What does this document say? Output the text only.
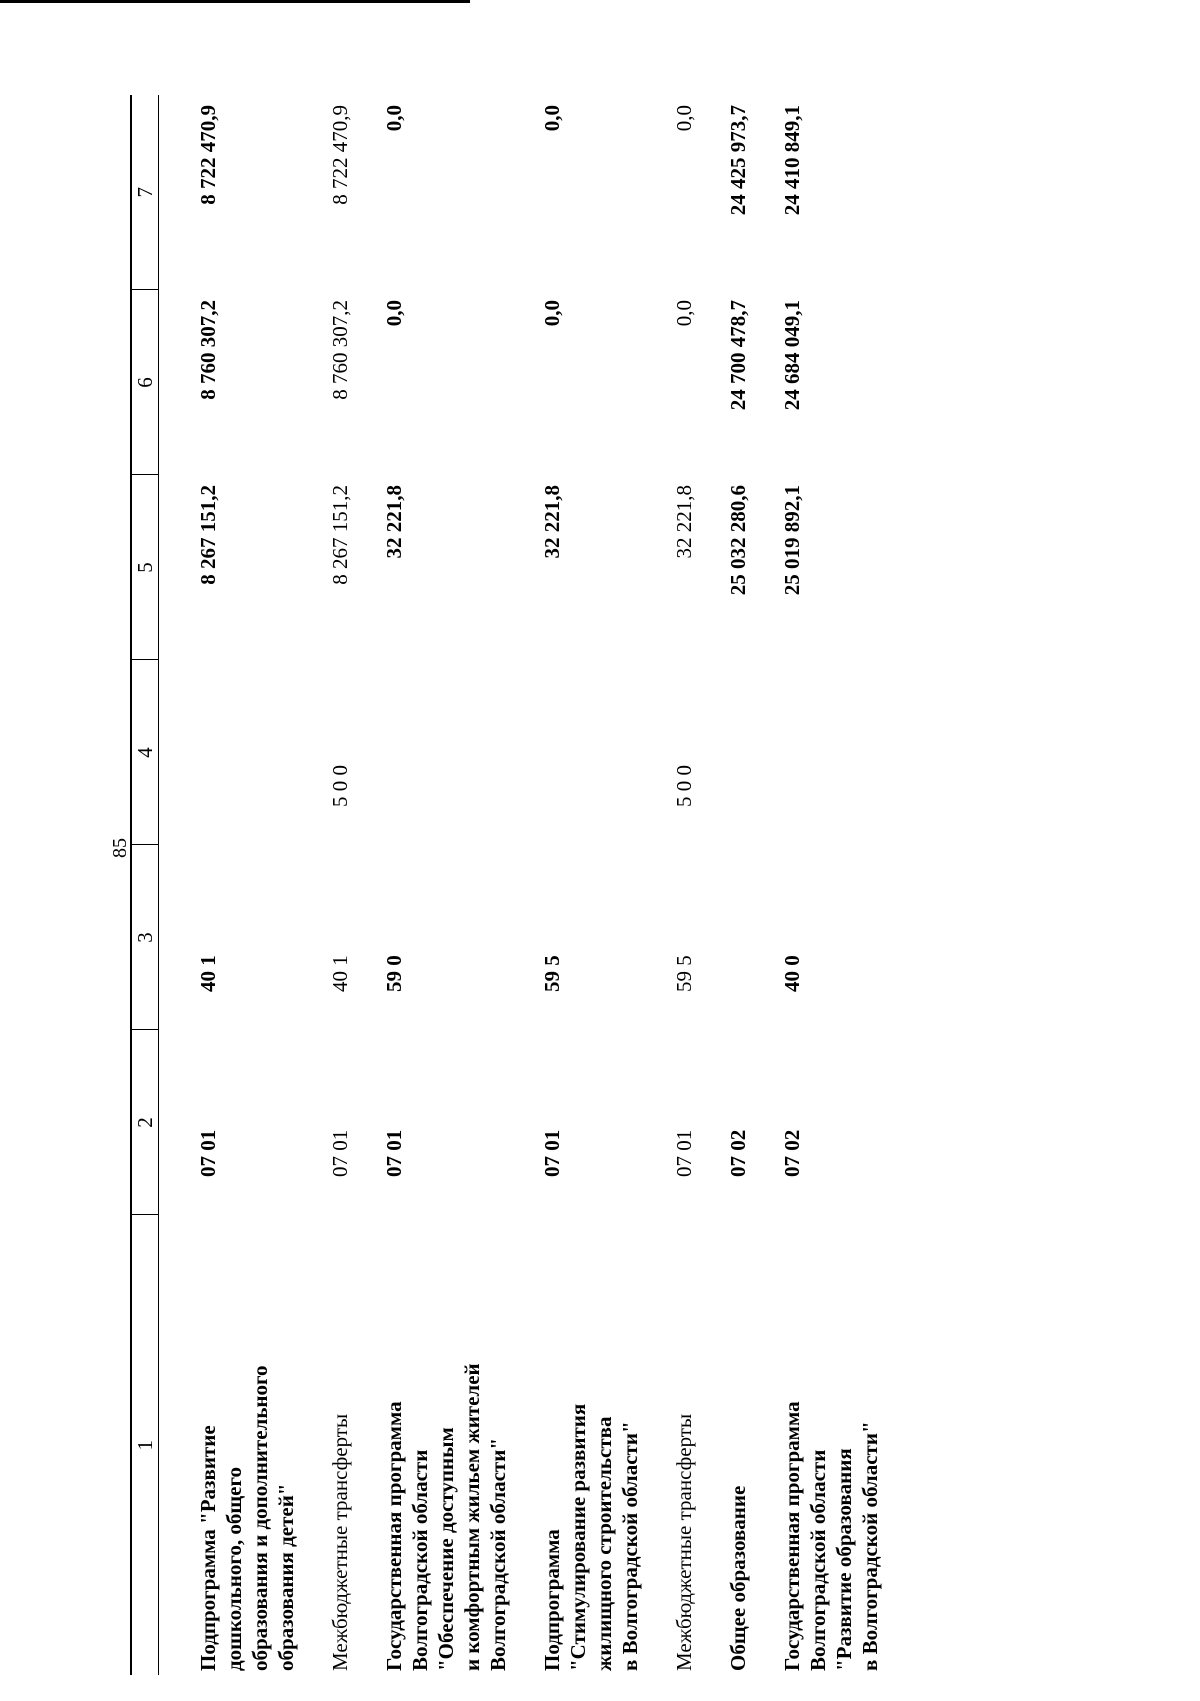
85
1	2	3	4	5	6	7

Подпрограмма "Развитие дошкольного, общего образования и дополнительного образования детей"	07 01	40 1		8 267 151,2	8 760 307,2	8 722 470,9

Межбюджетные трансферты	07 01	40 1	5 0 0	8 267 151,2	8 760 307,2	8 722 470,9

Государственная программа Волгоградской области "Обеспечение доступным и комфортным жильем жителей Волгоградской области"	07 01	59 0		32 221,8	0,0	0,0

Подпрограмма "Стимулирование развития жилищного строительства в Волгоградской области"	07 01	59 5		32 221,8	0,0	0,0

Межбюджетные трансферты	07 01	59 5	5 0 0	32 221,8	0,0	0,0

Общее образование	07 02			25 032 280,6	24 700 478,7	24 425 973,7

Государственная программа Волгоградской области "Развитие образования в Волгоградской области"	07 02	40 0		25 019 892,1	24 684 049,1	24 410 849,1
